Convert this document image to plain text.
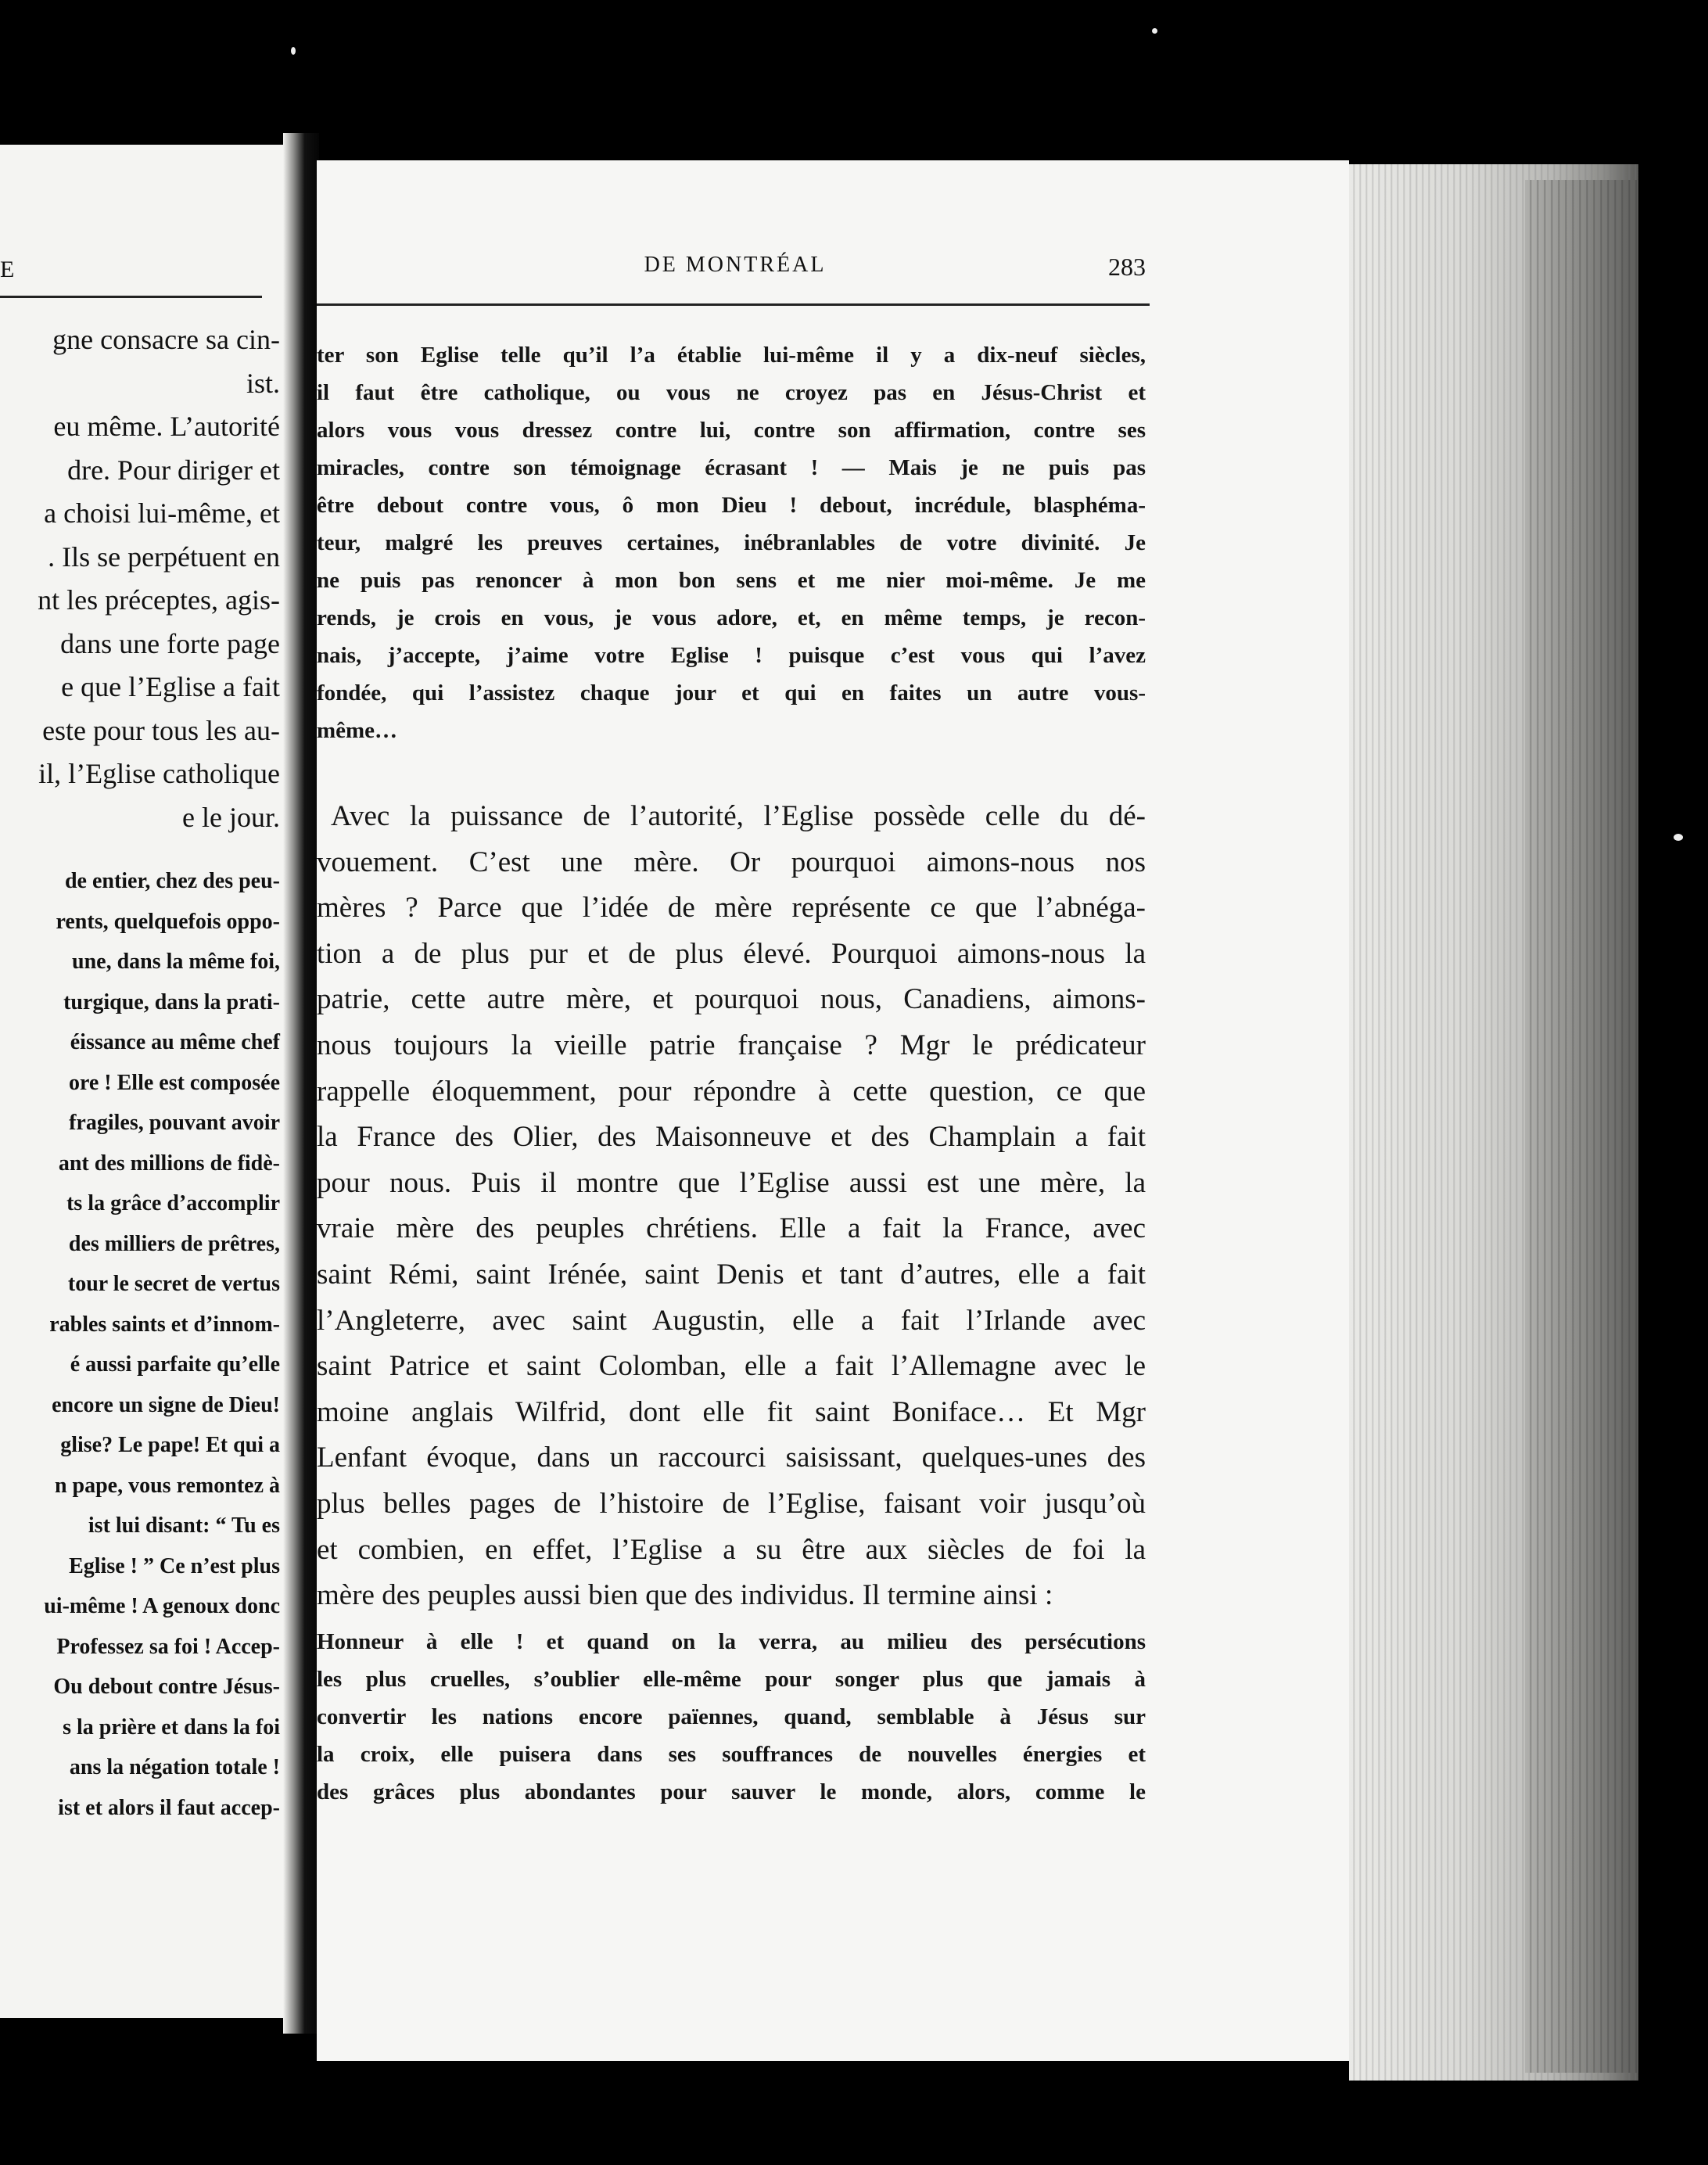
E
gne consacre sa cin-
ist.
eu même. L’autorité
dre. Pour diriger et
a choisi lui-même, et
. Ils se perpétuent en
nt les préceptes, agis-
dans une forte page
e que l’Eglise a fait
este pour tous les au-
il, l’Eglise catholique
e le jour.
de entier, chez des peu-
rents, quelquefois oppo-
une, dans la même foi,
turgique, dans la prati-
éissance au même chef
ore ! Elle est composée
fragiles, pouvant avoir
ant des millions de fidè-
ts la grâce d’accomplir
des milliers de prêtres,
tour le secret de vertus
rables saints et d’innom-
é aussi parfaite qu’elle
encore un signe de Dieu!
glise? Le pape! Et qui a
n pape, vous remontez à
ist lui disant: “ Tu es
Eglise ! ” Ce n’est plus
ui-même ! A genoux donc
Professez sa foi ! Accep-
Ou debout contre Jésus-
s la prière et dans la foi
ans la négation totale !
ist et alors il faut accep-
DE MONTRÉAL	283
ter son Eglise telle qu’il l’a établie lui-même il y a dix-neuf siècles,
il faut être catholique, ou vous ne croyez pas en Jésus-Christ et
alors vous vous dressez contre lui, contre son affirmation, contre ses
miracles, contre son témoignage écrasant ! — Mais je ne puis pas
être debout contre vous, ô mon Dieu ! debout, incrédule, blasphéma-
teur, malgré les preuves certaines, inébranlables de votre divinité. Je
ne puis pas renoncer à mon bon sens et me nier moi-même. Je me
rends, je crois en vous, je vous adore, et, en même temps, je recon-
nais, j’accepte, j’aime votre Eglise ! puisque c’est vous qui l’avez
fondée, qui l’assistez chaque jour et qui en faites un autre vous-
même…
Avec la puissance de l’autorité, l’Eglise possède celle du dé-
vouement. C’est une mère. Or pourquoi aimons-nous nos
mères ? Parce que l’idée de mère représente ce que l’abnéga-
tion a de plus pur et de plus élevé. Pourquoi aimons-nous la
patrie, cette autre mère, et pourquoi nous, Canadiens, aimons-
nous toujours la vieille patrie française ? Mgr le prédicateur
rappelle éloquemment, pour répondre à cette question, ce que
la France des Olier, des Maisonneuve et des Champlain a fait
pour nous. Puis il montre que l’Eglise aussi est une mère, la
vraie mère des peuples chrétiens. Elle a fait la France, avec
saint Rémi, saint Irénée, saint Denis et tant d’autres, elle a fait
l’Angleterre, avec saint Augustin, elle a fait l’Irlande avec
saint Patrice et saint Colomban, elle a fait l’Allemagne avec le
moine anglais Wilfrid, dont elle fit saint Boniface… Et Mgr
Lenfant évoque, dans un raccourci saisissant, quelques-unes des
plus belles pages de l’histoire de l’Eglise, faisant voir jusqu’où
et combien, en effet, l’Eglise a su être aux siècles de foi la
mère des peuples aussi bien que des individus. Il termine ainsi :
Honneur à elle ! et quand on la verra, au milieu des persécutions
les plus cruelles, s’oublier elle-même pour songer plus que jamais à
convertir les nations encore païennes, quand, semblable à Jésus sur
la croix, elle puisera dans ses souffrances de nouvelles énergies et
des grâces plus abondantes pour sauver le monde, alors, comme le
